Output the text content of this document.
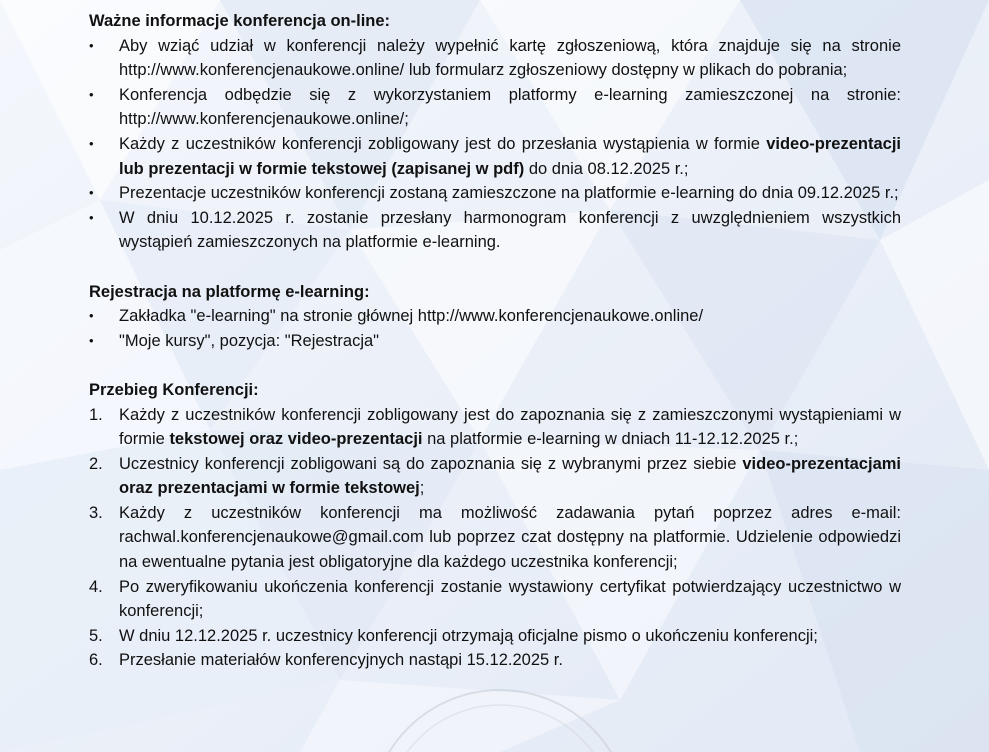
Ważne informacje konferencja on-line:

• Aby wziąć udział w konferencji należy wypełnić kartę zgłoszeniową, która znajduje się na stronie http://www.konferencjenaukowe.online/ lub formularz zgłoszeniowy dostępny w plikach do pobrania;
• Konferencja odbędzie się z wykorzystaniem platformy e-learning zamieszczonej na stronie: http://www.konferencjenaukowe.online/;
• Każdy z uczestników konferencji zobligowany jest do przesłania wystąpienia w formie video-prezentacji lub prezentacji w formie tekstowej (zapisanej w pdf) do dnia 08.12.2025 r.;
• Prezentacje uczestników konferencji zostaną zamieszczone na platformie e-learning do dnia 09.12.2025 r.;
• W dniu 10.12.2025 r. zostanie przesłany harmonogram konferencji z uwzględnieniem wszystkich wystąpień zamieszczonych na platformie e-learning.

Rejestracja na platformę e-learning:

• Zakładka "e-learning" na stronie głównej http://www.konferencjenaukowe.online/
• "Moje kursy", pozycja: "Rejestracja"

Przebieg Konferencji:

1. Każdy z uczestników konferencji zobligowany jest do zapoznania się z zamieszczonymi wystąpieniami w formie tekstowej oraz video-prezentacji na platformie e-learning w dniach 11-12.12.2025 r.;
2. Uczestnicy konferencji zobligowani są do zapoznania się z wybranymi przez siebie video-prezentacjami oraz prezentacjami w formie tekstowej;
3. Każdy z uczestników konferencji ma możliwość zadawania pytań poprzez adres e-mail: rachwal.konferencjenaukowe@gmail.com lub poprzez czat dostępny na platformie. Udzielenie odpowiedzi na ewentualne pytania jest obligatoryjne dla każdego uczestnika konferencji;
4. Po zweryfikowaniu ukończenia konferencji zostanie wystawiony certyfikat potwierdzający uczestnictwo w konferencji;
5. W dniu 12.12.2025 r. uczestnicy konferencji otrzymają oficjalne pismo o ukończeniu konferencji;
6. Przesłanie materiałów konferencyjnych nastąpi 15.12.2025 r.
